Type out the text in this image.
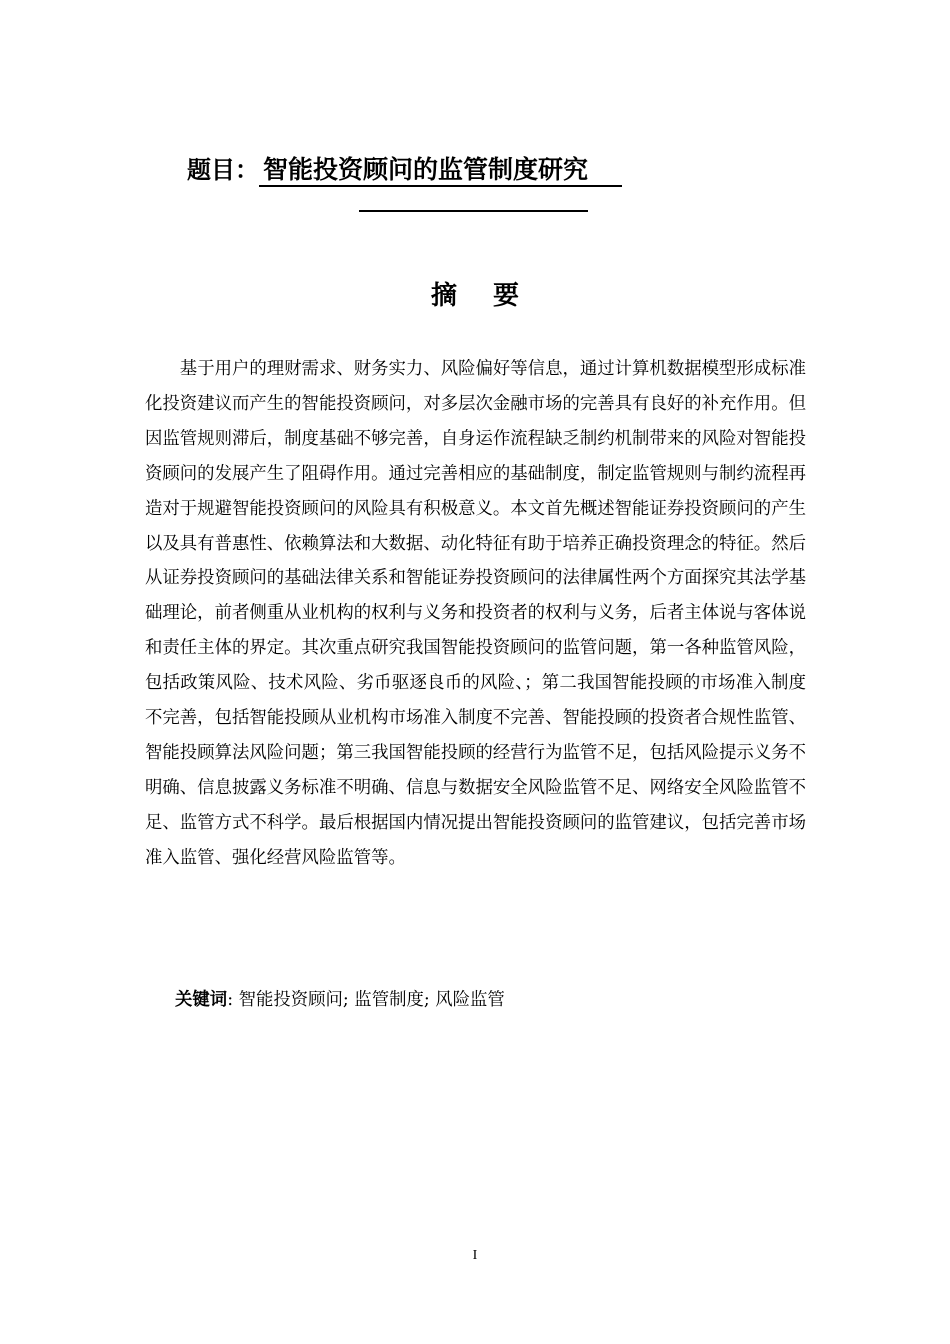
题目： 智能投资顾问的监管制度研究
摘要

基于用户的理财需求、财务实力、风险偏好等信息，通过计算机数据模型形成标准化投资建议而产生的智能投资顾问，对多层次金融市场的完善具有良好的补充作用。但因监管规则滞后，制度基础不够完善，自身运作流程缺乏制约机制带来的风险对智能投资顾问的发展产生了阻碍作用。通过完善相应的基础制度，制定监管规则与制约流程再造对于规避智能投资顾问的风险具有积极意义。本文首先概述智能证券投资顾问的产生以及具有普惠性、依赖算法和大数据、动化特征有助于培养正确投资理念的特征。然后从证券投资顾问的基础法律关系和智能证券投资顾问的法律属性两个方面探究其法学基础理论，前者侧重从业机构的权利与义务和投资者的权利与义务，后者主体说与客体说和责任主体的界定。其次重点研究我国智能投资顾问的监管问题，第一各种监管风险，包括政策风险、技术风险、劣币驱逐良币的风险、；第二我国智能投顾的市场准入制度不完善，包括智能投顾从业机构市场准入制度不完善、智能投顾的投资者合规性监管、智能投顾算法风险问题；第三我国智能投顾的经营行为监管不足，包括风险提示义务不明确、信息披露义务标准不明确、信息与数据安全风险监管不足、网络安全风险监管不足、监管方式不科学。最后根据国内情况提出智能投资顾问的监管建议，包括完善市场准入监管、强化经营风险监管等。

关键词: 智能投资顾问; 监管制度; 风险监管
I
